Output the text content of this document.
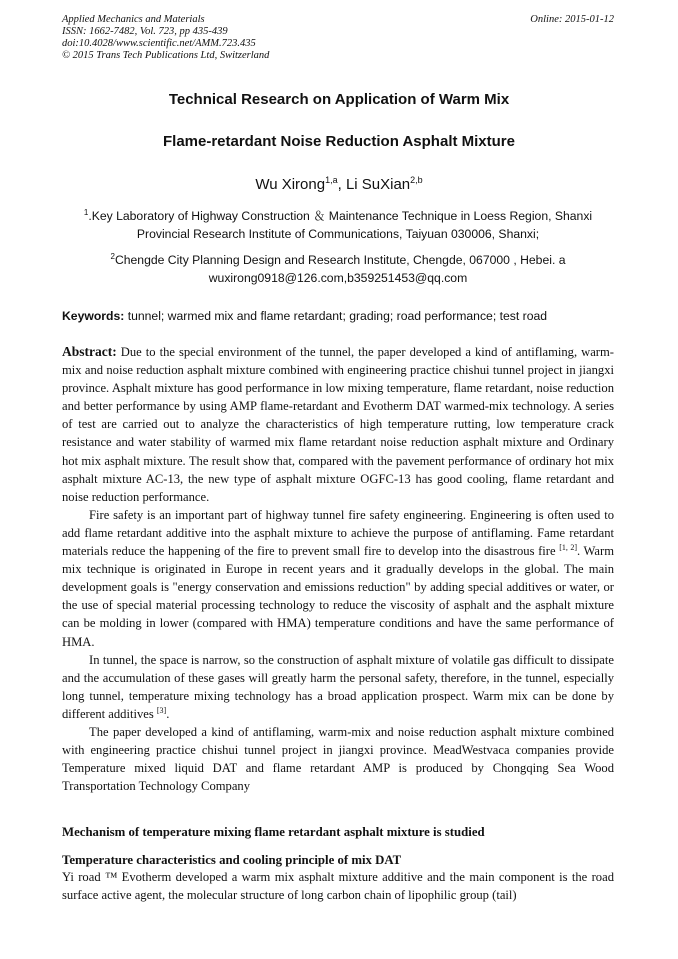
Applied Mechanics and Materials
ISSN: 1662-7482, Vol. 723, pp 435-439
doi:10.4028/www.scientific.net/AMM.723.435
© 2015 Trans Tech Publications Ltd, Switzerland
Online: 2015-01-12
Technical Research on Application of Warm Mix
Flame-retardant Noise Reduction Asphalt Mixture
Wu Xirong$^{1,a}$, Li SuXian$^{2,b}$
$^1$.Key Laboratory of Highway Construction ＆ Maintenance Technique in Loess Region, Shanxi
Provincial Research Institute of Communications, Taiyuan 030006, Shanxi;
$^2$Chengde City Planning Design and Research Institute, Chengde, 067000 , Hebei. a
wuxirong0918@126.com,b359251453@qq.com
Keywords: tunnel; warmed mix and flame retardant; grading; road performance; test road

Abstract: Due to the special environment of the tunnel, the paper developed a kind of antiflaming, warm-mix and noise reduction asphalt mixture combined with engineering practice chishui tunnel project in jiangxi province. Asphalt mixture has good performance in low mixing temperature, flame retardant, noise reduction and better performance by using AMP flame-retardant and Evotherm DAT warmed-mix technology. A series of test are carried out to analyze the characteristics of high temperature rutting, low temperature crack resistance and water stability of warmed mix flame retardant noise reduction asphalt mixture and Ordinary hot mix asphalt mixture. The result show that, compared with the pavement performance of ordinary hot mix asphalt mixture AC-13, the new type of asphalt mixture OGFC-13 has good cooling, flame retardant and noise reduction performance.

Fire safety is an important part of highway tunnel fire safety engineering. Engineering is often used to add flame retardant additive into the asphalt mixture to achieve the purpose of antiflaming. Fame retardant materials reduce the happening of the fire to prevent small fire to develop into the disastrous fire [1, 2]. Warm mix technique is originated in Europe in recent years and it gradually develops in the global. The main development goals is "energy conservation and emissions reduction" by adding special additives or water, or the use of special material processing technology to reduce the viscosity of asphalt and the asphalt mixture can be molding in lower (compared with HMA) temperature conditions and have the same performance of HMA.

In tunnel, the space is narrow, so the construction of asphalt mixture of volatile gas difficult to dissipate and the accumulation of these gases will greatly harm the personal safety, therefore, in the tunnel, especially long tunnel, temperature mixing technology has a broad application prospect. Warm mix can be done by different additives [3].

The paper developed a kind of antiflaming, warm-mix and noise reduction asphalt mixture combined with engineering practice chishui tunnel project in jiangxi province. MeadWestvaca companies provide Temperature mixed liquid DAT and flame retardant AMP is produced by Chongqing Sea Wood Transportation Technology Company

Mechanism of temperature mixing flame retardant asphalt mixture is studied
Temperature characteristics and cooling principle of mix DAT

Yi road ™ Evotherm developed a warm mix asphalt mixture additive and the main component is the road surface active agent, the molecular structure of long carbon chain of lipophilic group (tail)
